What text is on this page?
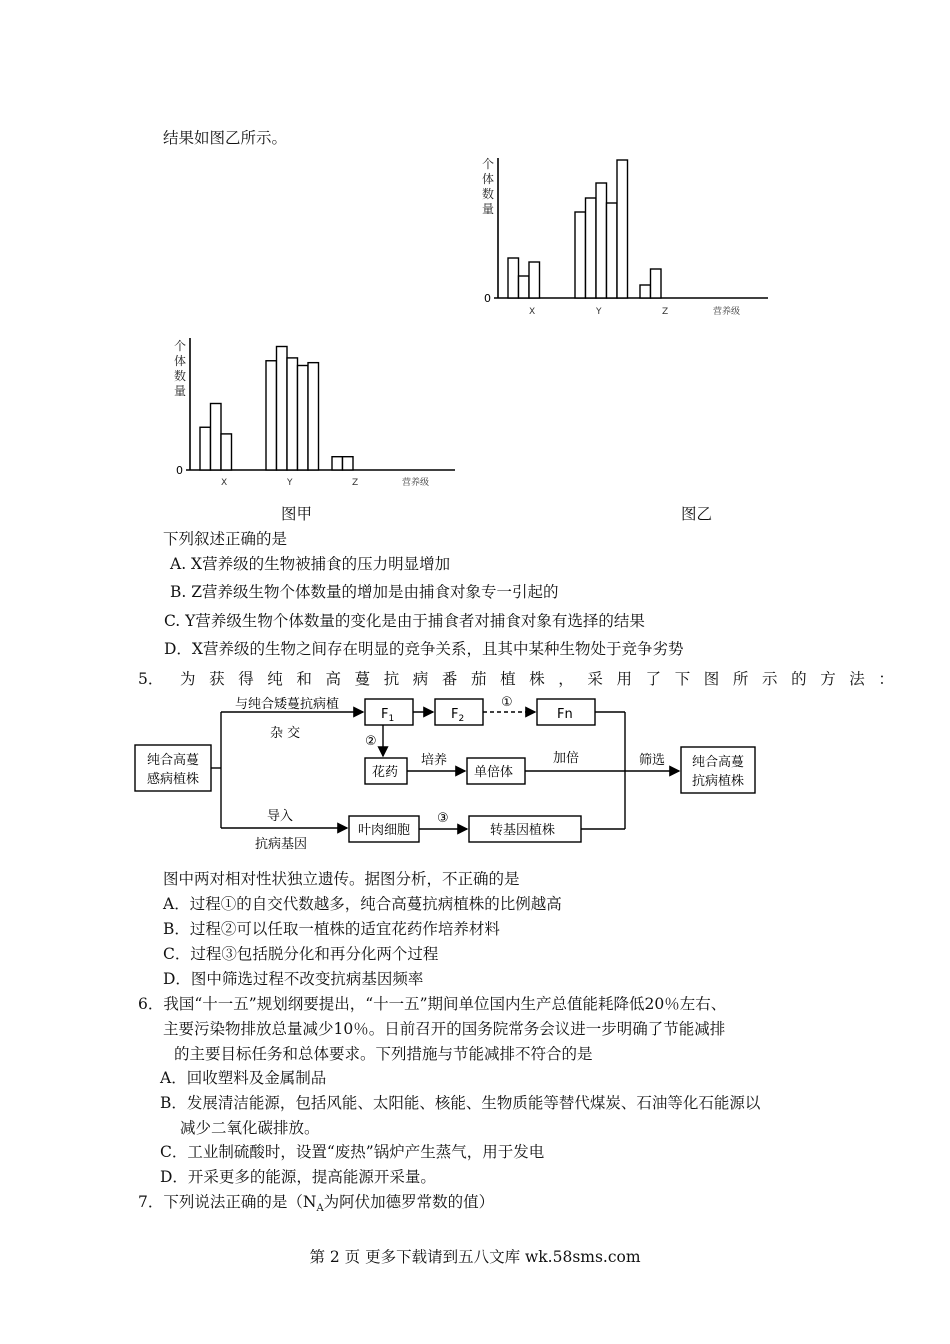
结果如图乙所示。
个
体
数
量
0
X	Y	Z	营养级
个
体
数
量
0
X	Y	Z	营养级
图甲	图乙
下列叙述正确的是
A. X营养级的生物被捕食的压力明显增加
B. Z营养级生物个体数量的增加是由捕食对象专一引起的
C. Y营养级生物个体数量的变化是由于捕食者对捕食对象有选择的结果
D．X营养级的生物之间存在明显的竞争关系，且其中某种生物处于竞争劣势
5． 为获得纯和高蔓抗病番茄植株，采用了下图所示的方法：
纯合高蔓
感病植株
与纯合矮蔓抗病植
杂 交
$F_1$	$F_2$
①
Fn
②
花药
培养
单倍体
加倍	筛选 纯合高蔓
抗病植株
导入
抗病基因
叶肉细胞
③
转基因植株
图中两对相对性状独立遗传。据图分析，不正确的是
A．过程①的自交代数越多，纯合高蔓抗病植株的比例越高
B．过程②可以任取一植株的适宜花药作培养材料
C．过程③包括脱分化和再分化两个过程
D．图中筛选过程不改变抗病基因频率
6．我国“十一五”规划纲要提出，“十一五”期间单位国内生产总值能耗降低20％左右、
主要污染物排放总量减少10％。日前召开的国务院常务会议进一步明确了节能减排
的主要目标任务和总体要求。下列措施与节能减排不符合的是
A．回收塑料及金属制品
B．发展清洁能源，包括风能、太阳能、核能、生物质能等替代煤炭、石油等化石能源以
减少二氧化碳排放。
C．工业制硫酸时，设置“废热”锅炉产生蒸气，用于发电
D．开采更多的能源，提高能源开采量。
7．下列说法正确的是（$N_A$为阿伏加德罗常数的值）
第 2 页 更多下载请到五八文库 wk.58sms.com
